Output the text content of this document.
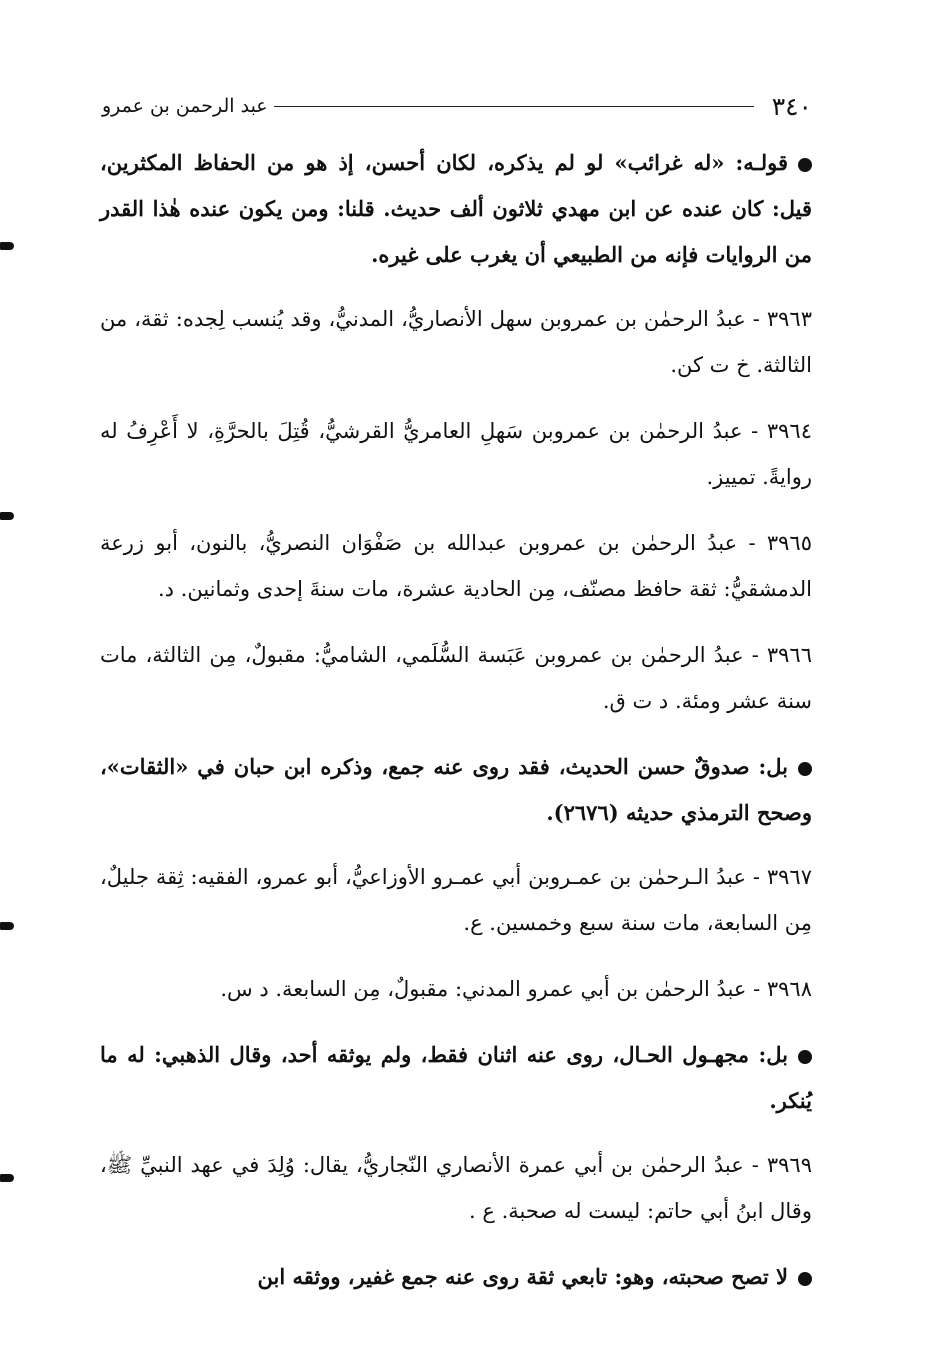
٣٤٠
عبد الرحمن بن عمرو

قولـه: «له غرائب» لو لم يذكره، لكان أحسن، إذ هو من الحفاظ المكثرين، قيل: كان عنده عن ابن مهدي ثلاثون ألف حديث. قلنا: ومن يكون عنده هٰذا القدر من الروايات فإنه من الطبيعي أن يغرب على غيره.

٣٩٦٣ - عبدُ الرحمٰن بن عمروبن سهل الأنصاريُّ، المدنيُّ، وقد يُنسب لِجده: ثقة، من الثالثة. خ ت كن.

٣٩٦٤ - عبدُ الرحمٰن بن عمروبن سَهلِ العامريُّ القرشيُّ، قُتِلَ بالحرَّةِ، لا أَعْرِفُ له روايةً. تمييز.

٣٩٦٥ - عبدُ الرحمٰن بن عمروبن عبدالله بن صَفْوَان النصريُّ، بالنون، أبو زرعة الدمشقيُّ: ثقة حافظ مصنّف، مِن الحادية عشرة، مات سنةَ إحدى وثمانين. د.

٣٩٦٦ - عبدُ الرحمٰن بن عمروبن عَبَسة السُّلَمي، الشاميُّ: مقبولٌ، مِن الثالثة، مات سنة عشر ومئة. د ت ق.

بل: صدوقٌ حسن الحديث، فقد روى عنه جمع، وذكره ابن حبان في «الثقات»، وصحح الترمذي حديثه (٢٦٧٦).

٣٩٦٧ - عبدُ الـرحمٰن بن عمـروبن أبي عمـرو الأوزاعيُّ، أبو عمرو، الفقيه: ثِقة جليلٌ، مِن السابعة، مات سنة سبع وخمسين. ع.

٣٩٦٨ - عبدُ الرحمٰن بن أبي عمرو المدني: مقبولٌ، مِن السابعة. د س.

بل: مجهـول الحـال، روى عنه اثنان فقط، ولم يوثقه أحد، وقال الذهبي: له ما يُنكر.

٣٩٦٩ - عبدُ الرحمٰن بن أبي عمرة الأنصاري النّجاريُّ، يقال: وُلِدَ في عهد النبيِّ ﷺ، وقال ابنُ أبي حاتم: ليست له صحبة. ع .

لا تصح صحبته، وهو: تابعي ثقة روى عنه جمع غفير، ووثقه ابن
